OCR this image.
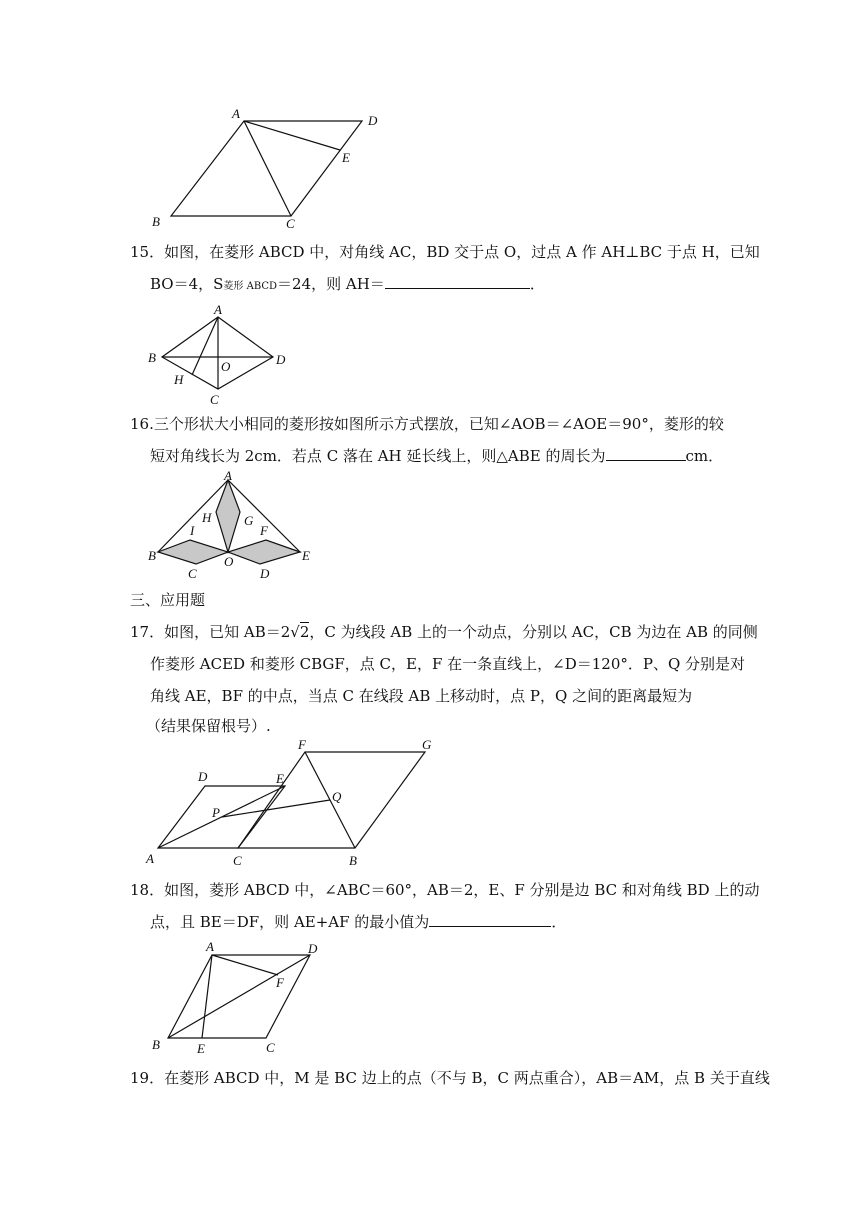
A	D
E
B	C
15．如图，在菱形 ABCD 中，对角线 AC，BD 交于点 O，过点 A 作 AH⊥BC 于点 H，已知
BO＝4，S菱形 ABCD＝24，则 AH＝	．
A
B	D
O
H
C
16.三个形状大小相同的菱形按如图所示方式摆放，已知∠AOB＝∠AOE＝90°，菱形的较
短对角线长为 2cm．若点 C 落在 AH 延长线上，则△ABE 的周长为	cm．
A
H	G
I	F
B	O	E
C	D
三、应用题
17．如图，已知 AB＝2√2，C 为线段 AB 上的一个动点，分别以 AC，CB 为边在 AB 的同侧
作菱形 ACED 和菱形 CBGF，点 C，E，F 在一条直线上，∠D＝120°．P、Q 分别是对
角线 AE，BF 的中点，当点 C 在线段 AB 上移动时，点 P，Q 之间的距离最短为
（结果保留根号）.
F	G
D	E
Q
P
A	C	B
18．如图，菱形 ABCD 中，∠ABC＝60°，AB＝2，E、F 分别是边 BC 和对角线 BD 上的动
点，且 BE＝DF，则 AE+AF 的最小值为	．
A	D
F
B	E	C
19．在菱形 ABCD 中，M 是 BC 边上的点（不与 B，C 两点重合），AB＝AM，点 B 关于直线
